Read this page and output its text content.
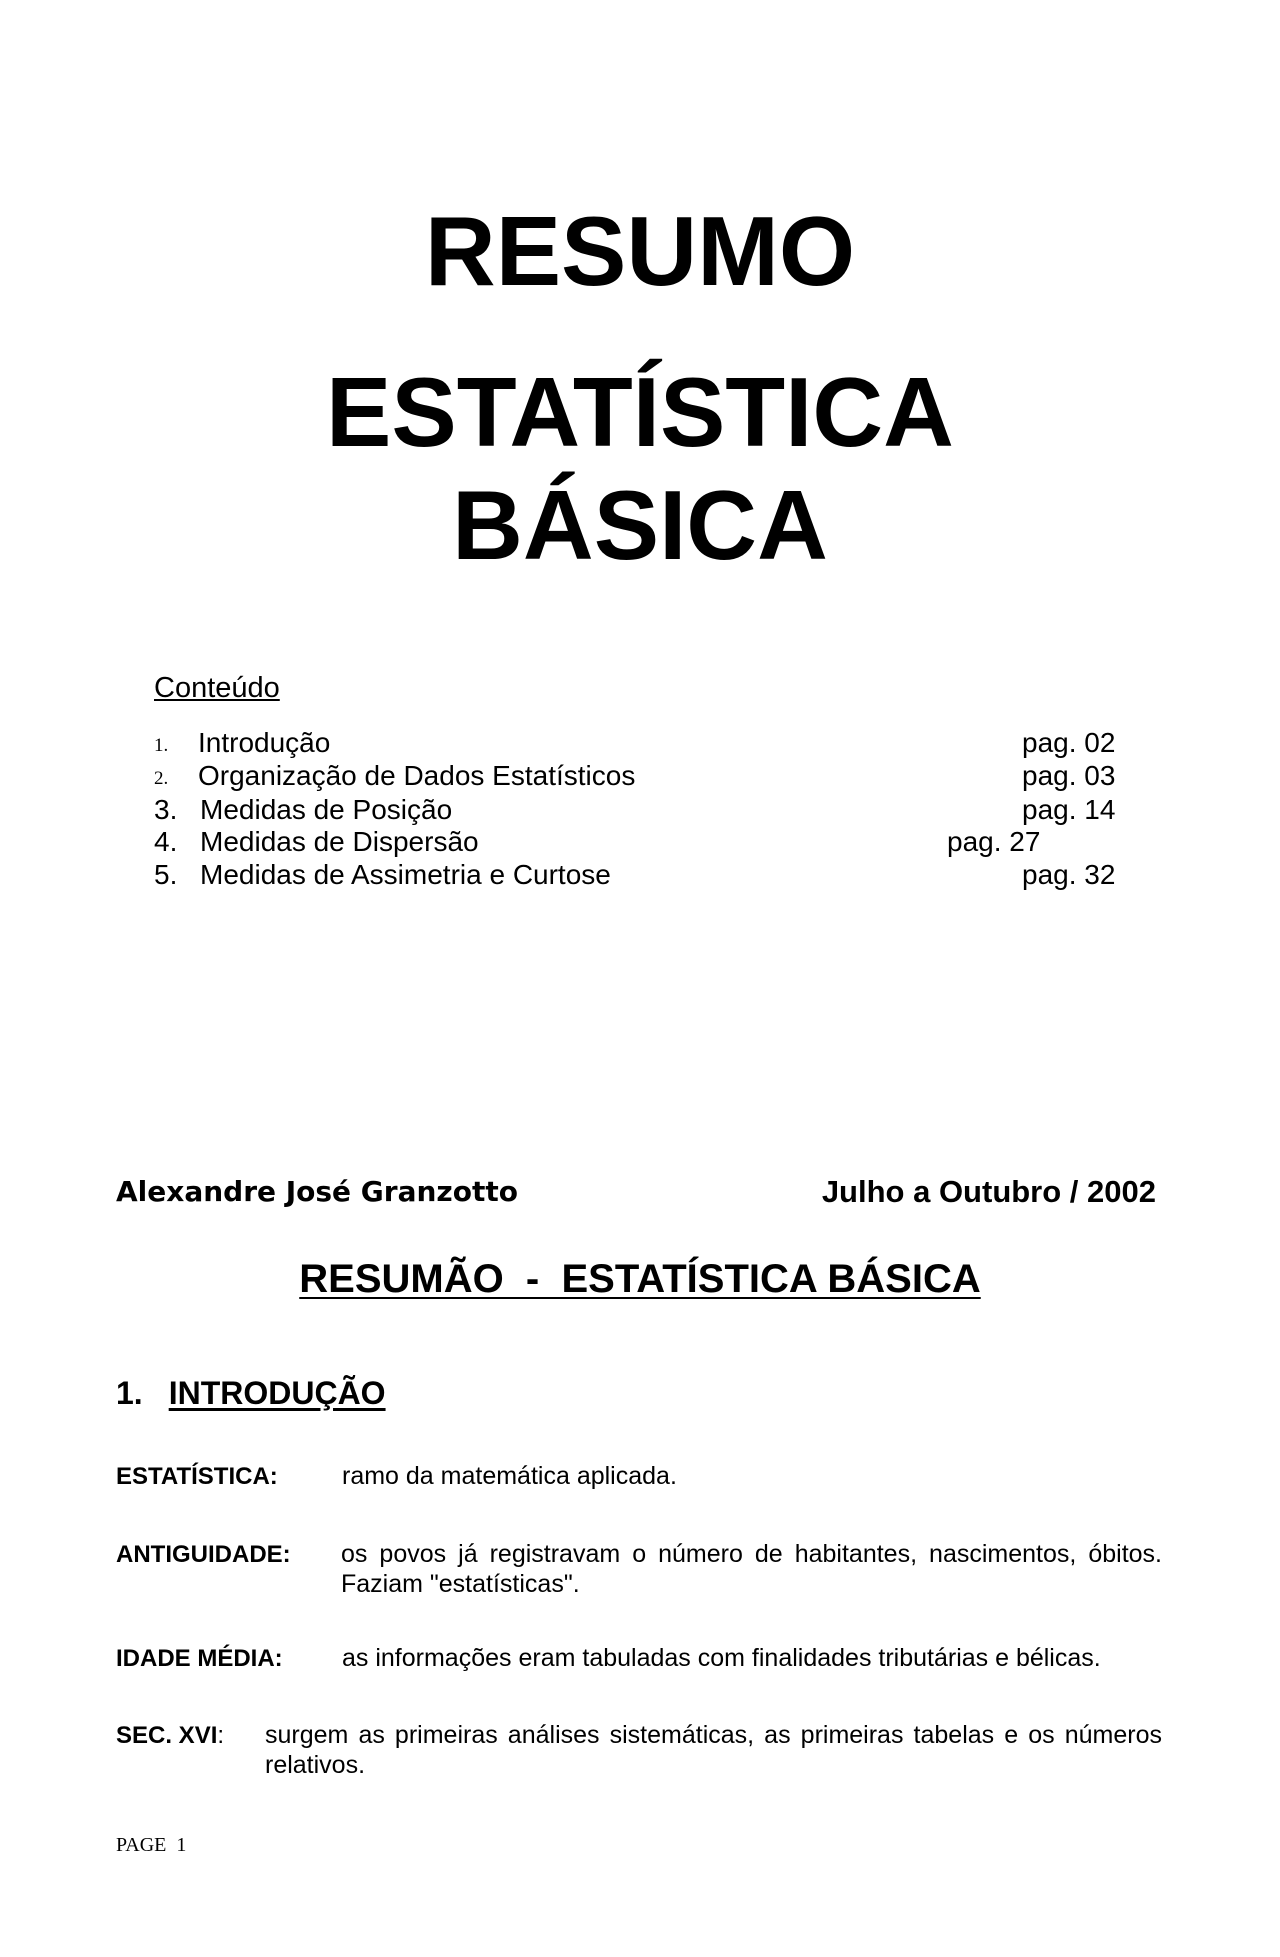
RESUMO
ESTATÍSTICA
BÁSICA
Conteúdo
1. Introdução	pag. 02
2. Organização de Dados Estatísticos	pag. 03
3. Medidas de Posição	pag. 14
4. Medidas de Dispersão	pag. 27
5. Medidas de Assimetria e Curtose	pag. 32
Alexandre José Granzotto	Julho a Outubro / 2002
RESUMÃO  -  ESTATÍSTICA BÁSICA
1. INTRODUÇÃO
ESTATÍSTICA:	ramo da matemática aplicada.
ANTIGUIDADE: os povos já registravam o número de habitantes, nascimentos, óbitos. Faziam "estatísticas".
IDADE MÉDIA: as informações eram tabuladas com finalidades tributárias e bélicas.
SEC. XVI: surgem as primeiras análises sistemáticas, as primeiras tabelas e os números relativos.
PAGE 1
